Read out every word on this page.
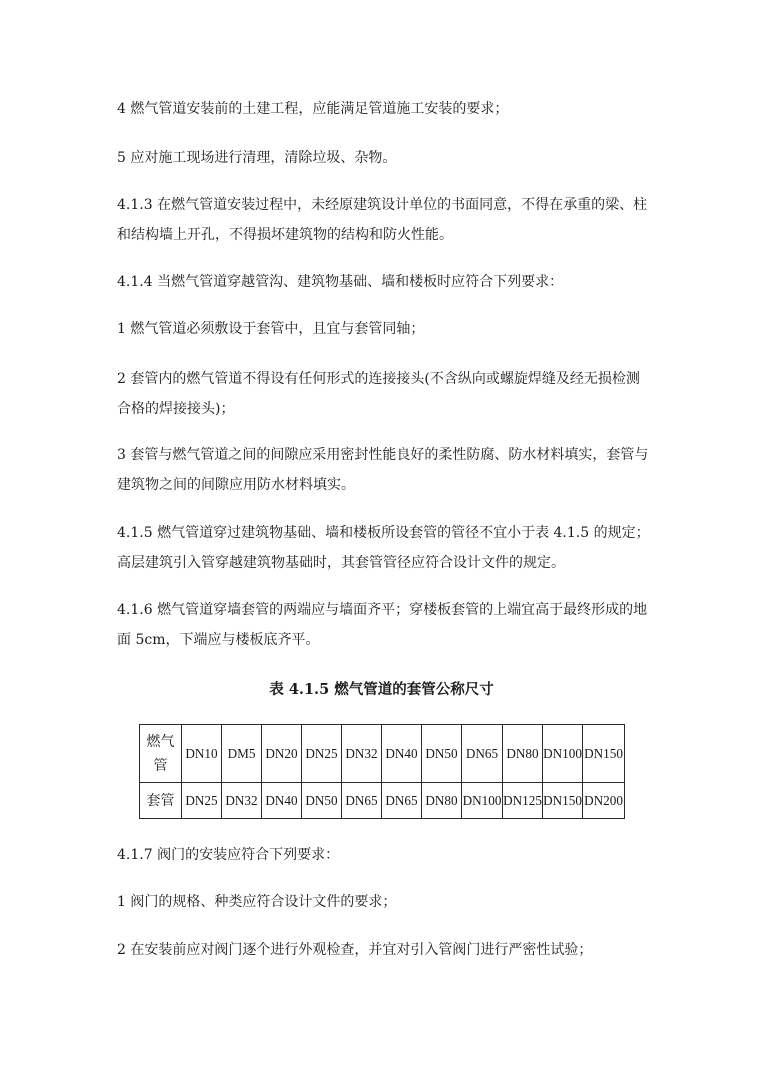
4 燃气管道安装前的土建工程，应能满足管道施工安装的要求；

5 应对施工现场进行清理，清除垃圾、杂物。

4.1.3 在燃气管道安装过程中，未经原建筑设计单位的书面同意，不得在承重的梁、柱
和结构墙上开孔，不得损坏建筑物的结构和防火性能。

4.1.4 当燃气管道穿越管沟、建筑物基础、墙和楼板时应符合下列要求：

1 燃气管道必须敷设于套管中，且宜与套管同轴；

2 套管内的燃气管道不得设有任何形式的连接接头(不含纵向或螺旋焊缝及经无损检测
合格的焊接接头)；

3 套管与燃气管道之间的间隙应采用密封性能良好的柔性防腐、防水材料填实，套管与
建筑物之间的间隙应用防水材料填实。

4.1.5 燃气管道穿过建筑物基础、墙和楼板所设套管的管径不宜小于表 4.1.5 的规定；
高层建筑引入管穿越建筑物基础时，其套管管径应符合设计文件的规定。

4.1.6 燃气管道穿墙套管的两端应与墙面齐平；穿楼板套管的上端宜高于最终形成的地
面 5cm，下端应与楼板底齐平。

表 4.1.5 燃气管道的套管公称尺寸
燃气管	DN10	DM5	DN20	DN25	DN32	DN40	DN50	DN65	DN80	DN100	DN150
套管	DN25	DN32	DN40	DN50	DN65	DN65	DN80	DN100	DN125	DN150	DN200

4.1.7 阀门的安装应符合下列要求：

1 阀门的规格、种类应符合设计文件的要求；

2 在安装前应对阀门逐个进行外观检查，并宜对引入管阀门进行严密性试验；
